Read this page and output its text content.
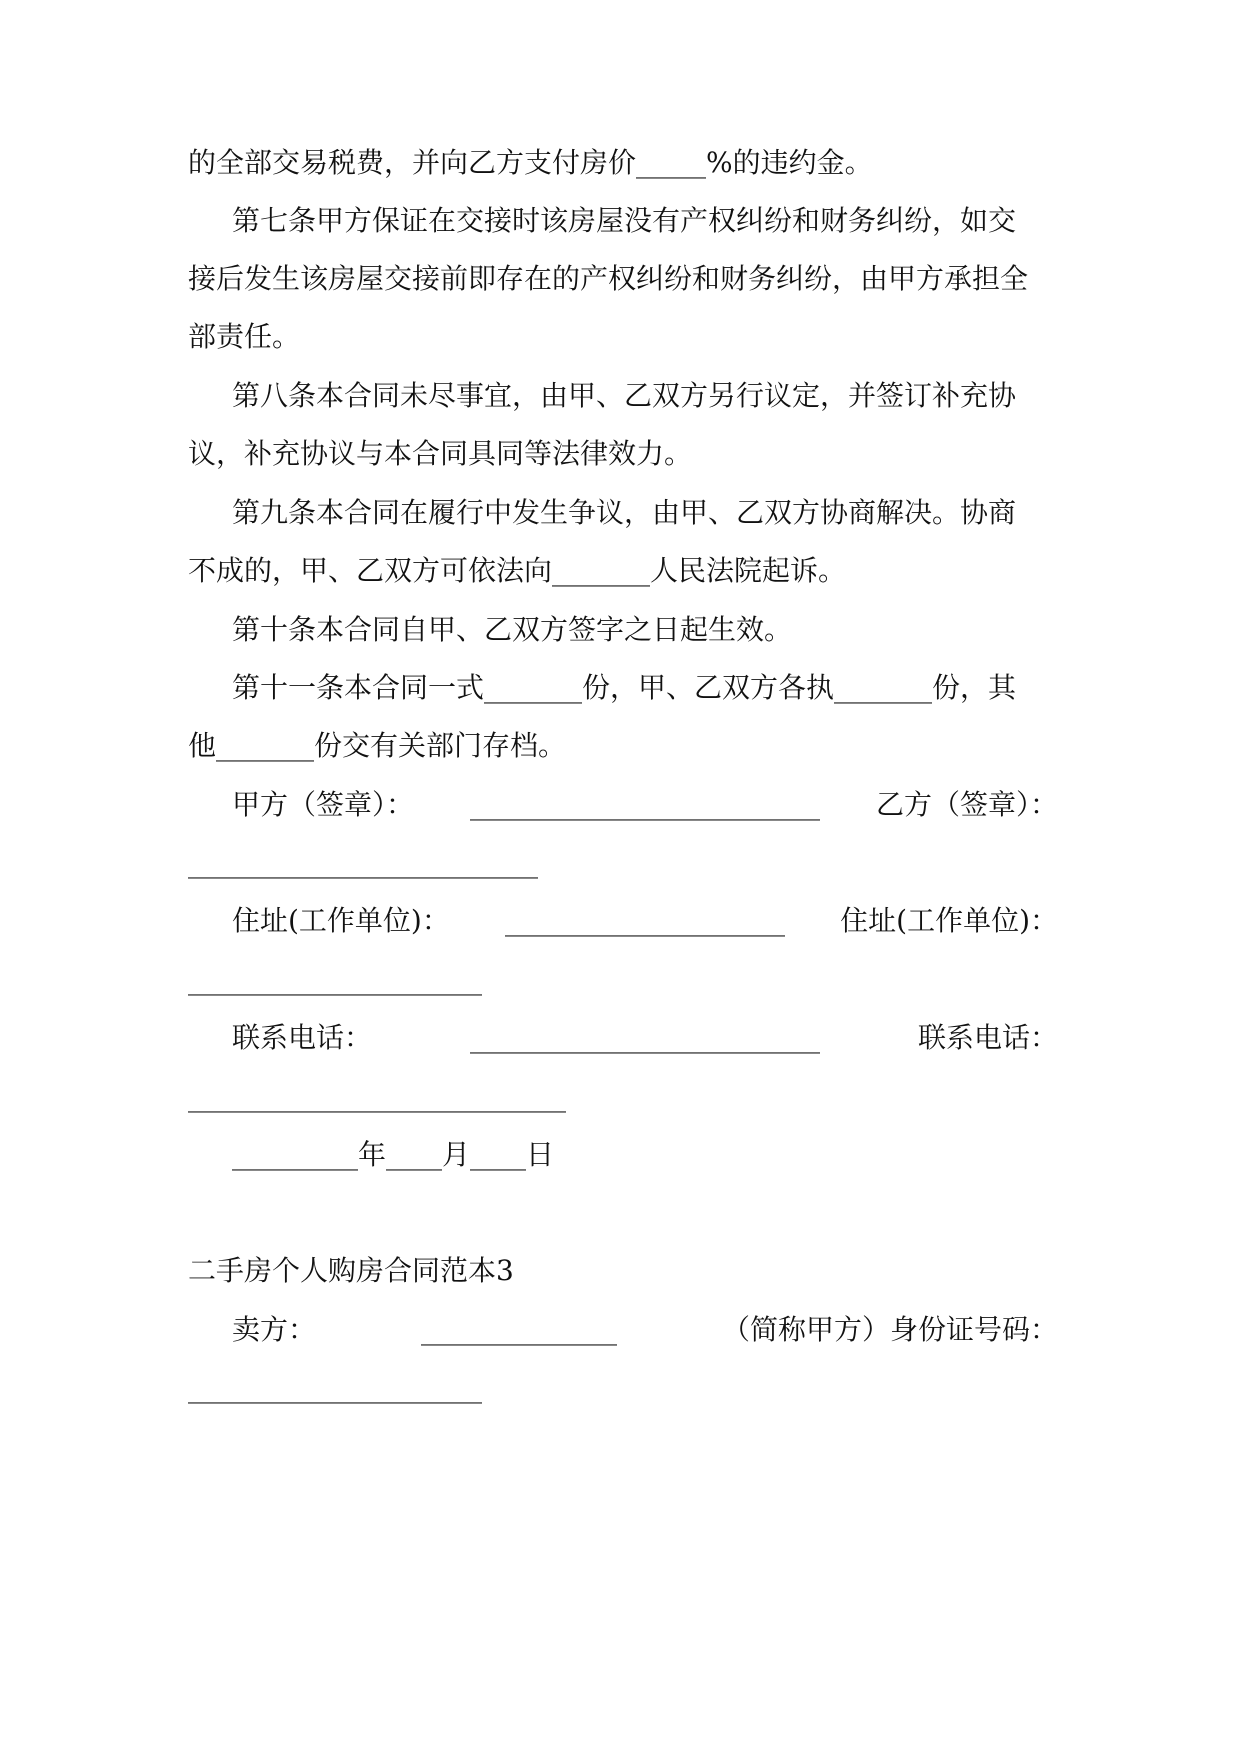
的全部交易税费，并向乙方支付房价_____%的违约金。
第七条甲方保证在交接时该房屋没有产权纠纷和财务纠纷，如交
接后发生该房屋交接前即存在的产权纠纷和财务纠纷，由甲方承担全
部责任。
第八条本合同未尽事宜，由甲、乙双方另行议定，并签订补充协
议，补充协议与本合同具同等法律效力。
第九条本合同在履行中发生争议，由甲、乙双方协商解决。协商
不成的，甲、乙双方可依法向_______人民法院起诉。
第十条本合同自甲、乙双方签字之日起生效。
第十一条本合同一式_______份，甲、乙双方各执_______份，其
他_______份交有关部门存档。
甲方（签章）： _________________________ 乙方（签章）：
_________________________
住址(工作单位)： ____________________ 住址(工作单位)：
_____________________
联系电话：	_________________________	联系电话：
___________________________
_________年____月____日
二手房个人购房合同范本3
卖方：	______________	（简称甲方）身份证号码：
_____________________
